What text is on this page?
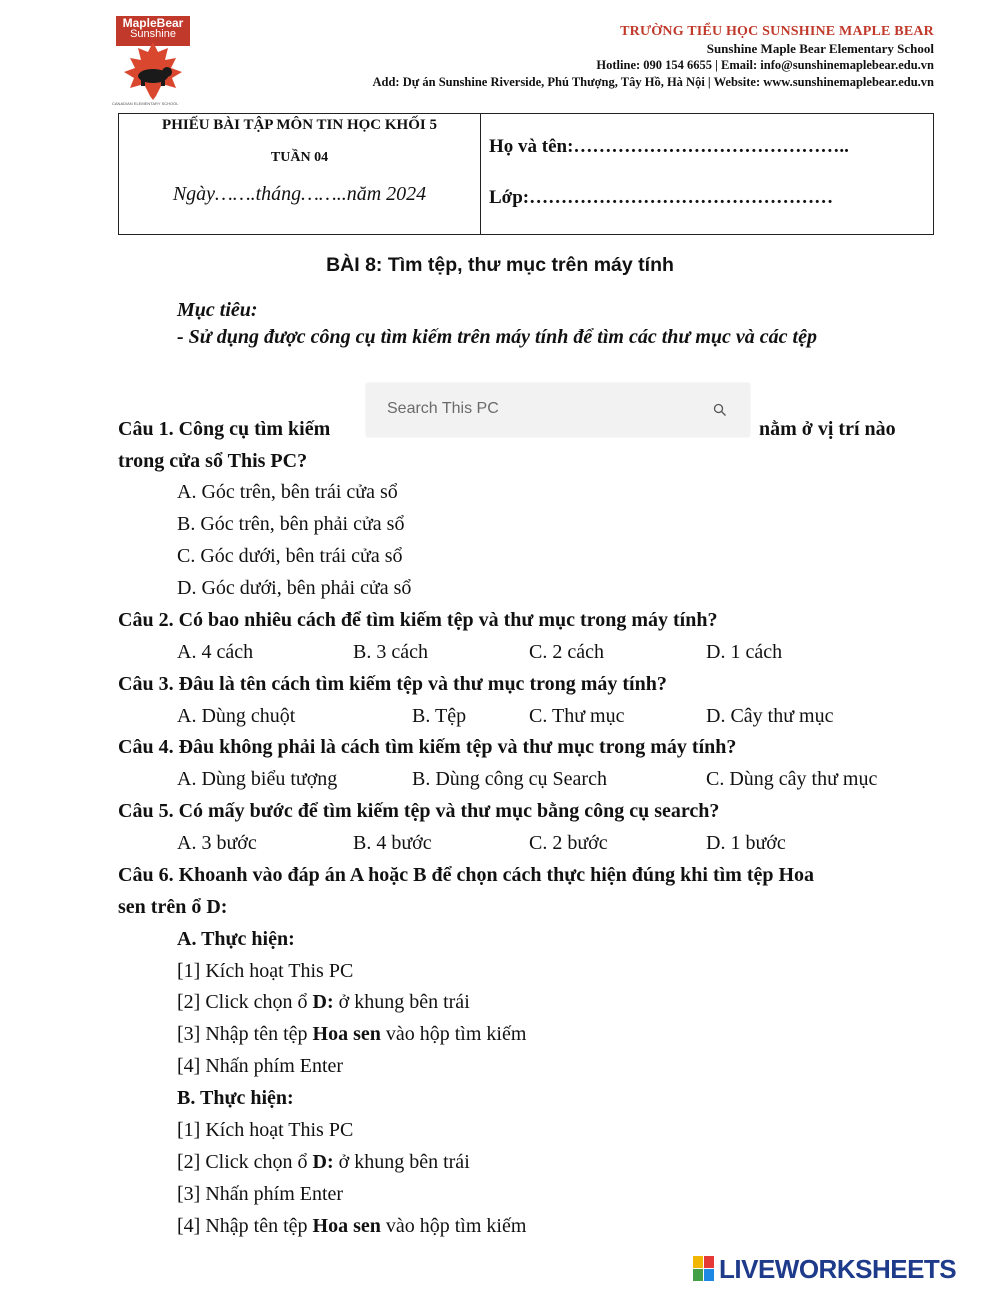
MapleBear
Sunshine
CANADIAN ELEMENTARY SCHOOL
TRƯỜNG TIỂU HỌC SUNSHINE MAPLE BEAR
Sunshine Maple Bear Elementary School
Hotline: 090 154 6655 | Email: info@sunshinemaplebear.edu.vn
Add: Dự án Sunshine Riverside, Phú Thượng, Tây Hồ, Hà Nội | Website: www.sunshinemaplebear.edu.vn
PHIẾU BÀI TẬP MÔN TIN HỌC KHỐI 5
TUẦN 04
Ngày…….tháng……..năm 2024
Họ và tên:……………………………………..
Lớp:…………………………………………
BÀI 8: Tìm tệp, thư mục trên máy tính
Mục tiêu:
- Sử dụng được công cụ tìm kiếm trên máy tính để tìm các thư mục và các tệp
Search This PC
Câu 1. Công cụ tìm kiếm	nằm ở vị trí nào
trong cửa sổ This PC?
A. Góc trên, bên trái cửa sổ
B. Góc trên, bên phải cửa sổ
C. Góc dưới, bên trái cửa sổ
D. Góc dưới, bên phải cửa sổ
Câu 2. Có bao nhiêu cách để tìm kiếm tệp và thư mục trong máy tính?
A. 4 cách	B. 3 cách	C. 2 cách	D. 1 cách
Câu 3. Đâu là tên cách tìm kiếm tệp và thư mục trong máy tính?
A. Dùng chuột	B. Tệp	C. Thư mục	D. Cây thư mục
Câu 4. Đâu không phải là cách tìm kiếm tệp và thư mục trong máy tính?
A. Dùng biểu tượng	B. Dùng công cụ Search	C. Dùng cây thư mục
Câu 5. Có mấy bước để tìm kiếm tệp và thư mục bằng công cụ search?
A. 3 bước	B. 4 bước	C. 2 bước	D. 1 bước
Câu 6. Khoanh vào đáp án A hoặc B để chọn cách thực hiện đúng khi tìm tệp Hoa
sen trên ổ D:
A. Thực hiện:
[1] Kích hoạt This PC
[2] Click chọn ổ D: ở khung bên trái
[3] Nhập tên tệp Hoa sen vào hộp tìm kiếm
[4] Nhấn phím Enter
B. Thực hiện:
[1] Kích hoạt This PC
[2] Click chọn ổ D: ở khung bên trái
[3] Nhấn phím Enter
[4] Nhập tên tệp Hoa sen vào hộp tìm kiếm
LIVEWORKSHEETS
